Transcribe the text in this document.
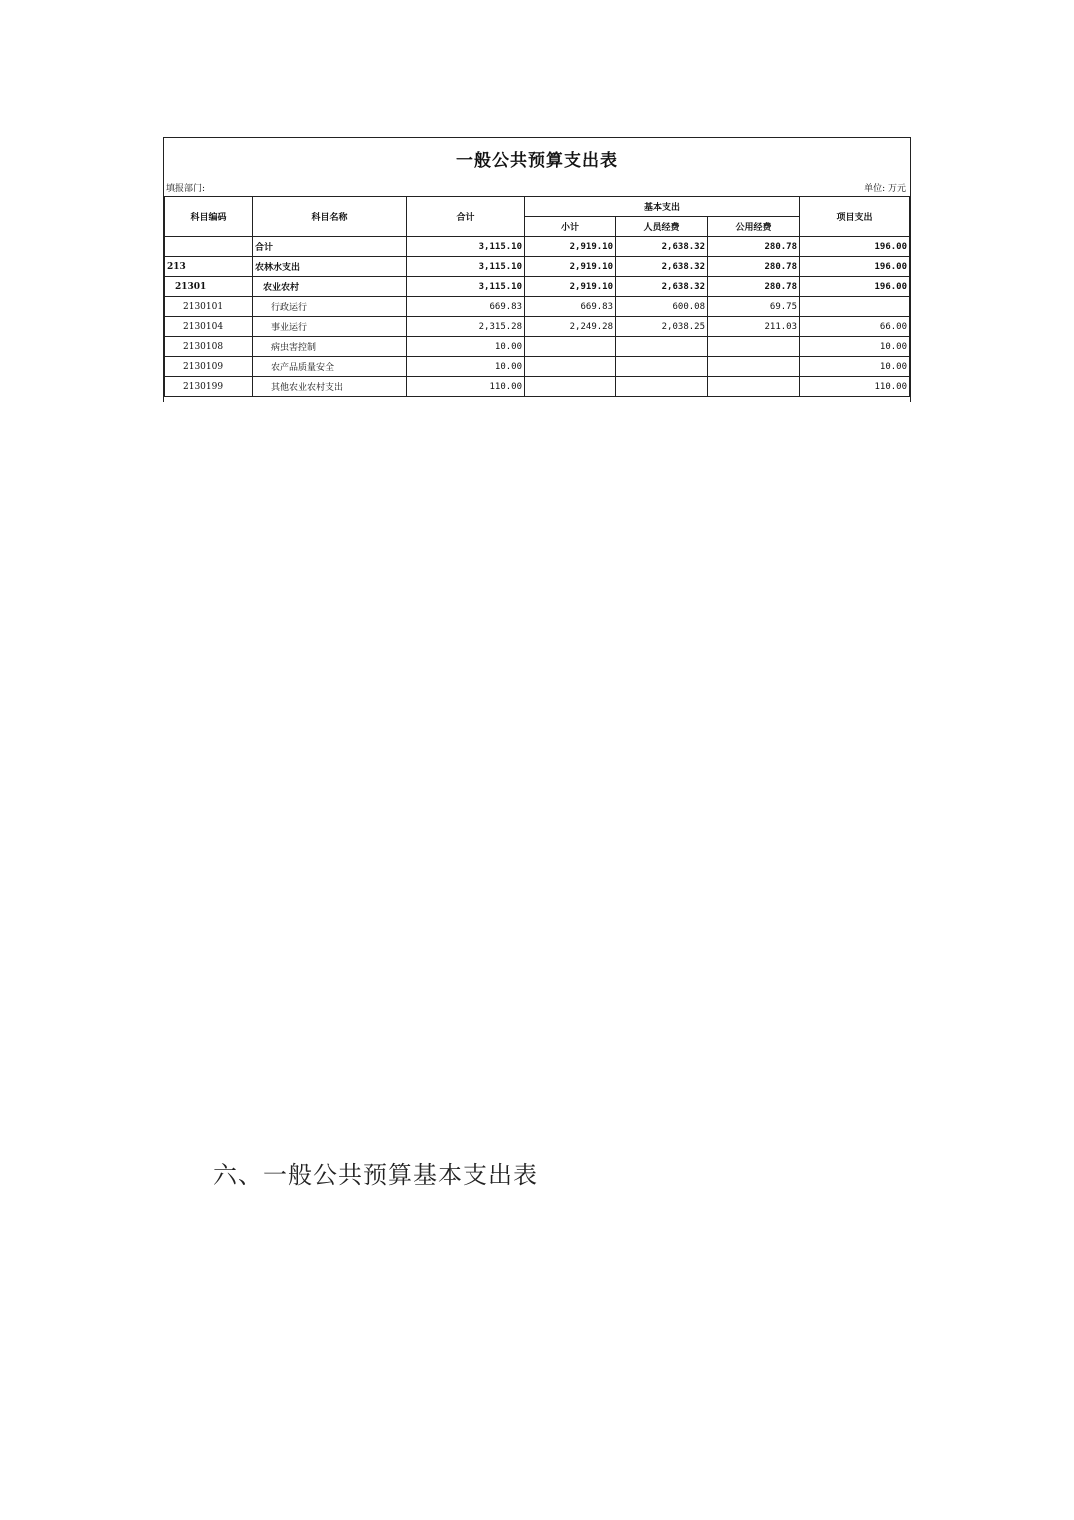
一般公共预算支出表
填报部门:	单位: 万元
科目编码	科目名称	合计	基本支出			项目支出
			小计	人员经费	公用经费	
	合计	3,115.10	2,919.10	2,638.32	280.78	196.00
213	农林水支出	3,115.10	2,919.10	2,638.32	280.78	196.00
21301	农业农村	3,115.10	2,919.10	2,638.32	280.78	196.00
2130101	行政运行	669.83	669.83	600.08	69.75	
2130104	事业运行	2,315.28	2,249.28	2,038.25	211.03	66.00
2130108	病虫害控制	10.00				10.00
2130109	农产品质量安全	10.00				10.00
2130199	其他农业农村支出	110.00				110.00
六、一般公共预算基本支出表
